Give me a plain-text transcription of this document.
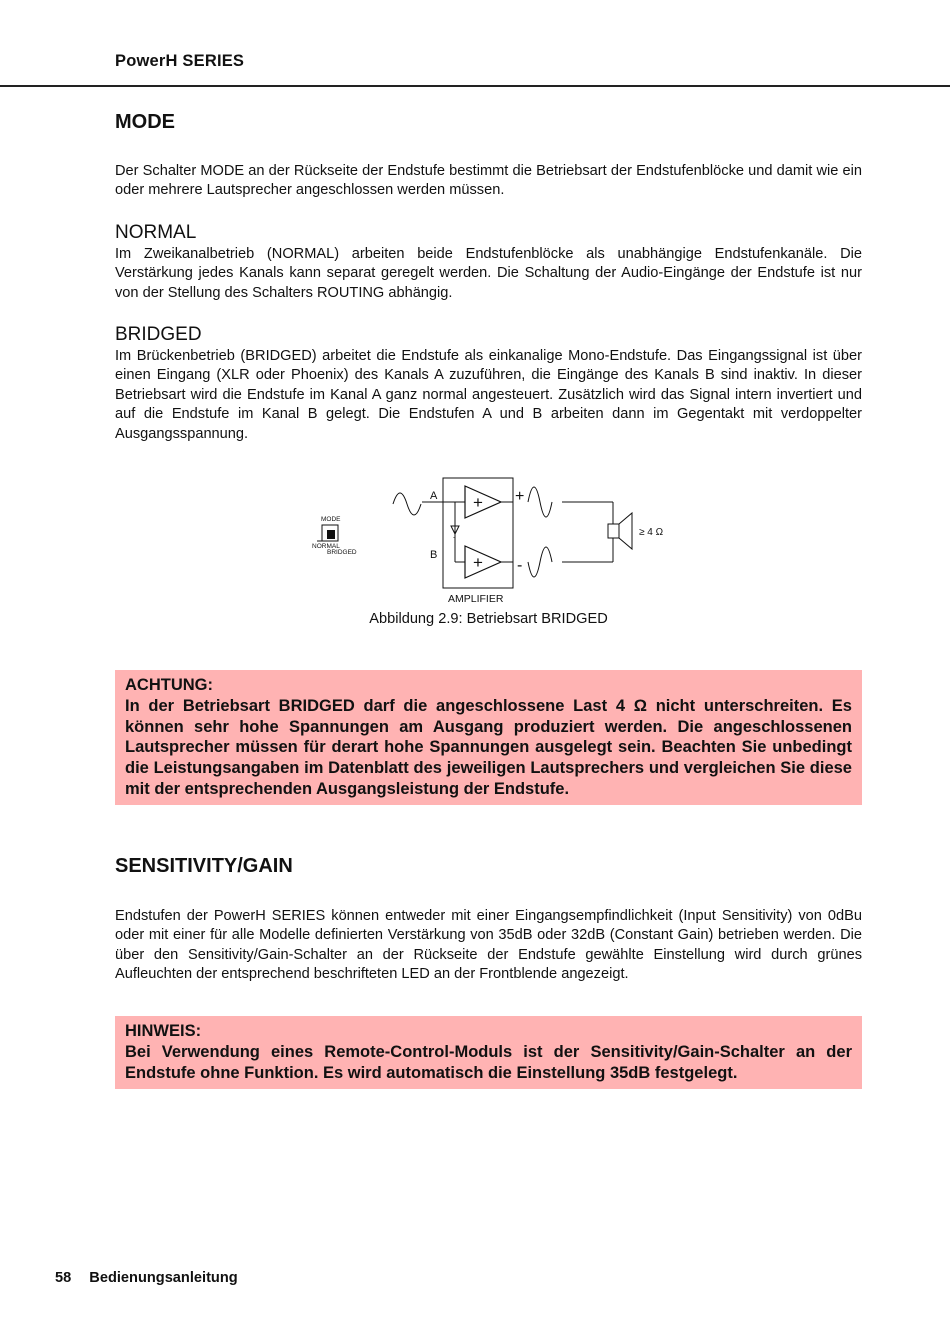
PowerH SERIES
MODE

Der Schalter MODE an der Rückseite der Endstufe bestimmt die Betriebsart der Endstufenblöcke und damit wie ein oder mehrere Lautsprecher angeschlossen werden müssen.

NORMAL

Im Zweikanalbetrieb (NORMAL) arbeiten beide Endstufenblöcke als unabhängige Endstufenkanäle. Die Verstärkung jedes Kanals kann separat geregelt werden. Die Schaltung der Audio-Eingänge der Endstufe ist nur von der Stellung des Schalters ROUTING abhängig.

BRIDGED

Im Brückenbetrieb (BRIDGED) arbeitet die Endstufe als einkanalige Mono-Endstufe. Das Eingangssignal ist über einen Eingang (XLR oder Phoenix) des Kanals A zuzuführen, die Eingänge des Kanals B sind inaktiv. In dieser Betriebsart wird die Endstufe im Kanal A ganz normal angesteuert. Zusätzlich wird das Signal intern invertiert und auf die Endstufe im Kanal B gelegt. Die Endstufen A und B arbeiten dann im Gegentakt mit verdoppelter Ausgangsspannung.

MODE
NORMAL
BRIDGED
A
B
-
+
+
+
-
≥ 4 Ω
AMPLIFIER
Abbildung 2.9: Betriebsart BRIDGED
ACHTUNG:
In der Betriebsart BRIDGED darf die angeschlossene Last 4 Ω nicht unterschreiten. Es können sehr hohe Spannungen am Ausgang produziert werden. Die angeschlossenen Lautsprecher müssen für derart hohe Spannungen ausgelegt sein. Beachten Sie unbedingt die Leistungsangaben im Datenblatt des jeweiligen Lautsprechers und vergleichen Sie diese mit der entsprechenden Ausgangsleistung der Endstufe.
SENSITIVITY/GAIN

Endstufen der PowerH SERIES können entweder mit einer Eingangsempfindlichkeit (Input Sensitivity) von 0dBu oder mit einer für alle Modelle definierten Verstärkung von 35dB oder 32dB (Constant Gain) betrieben werden. Die über den Sensitivity/Gain-Schalter an der Rückseite der Endstufe gewählte Einstellung wird durch grünes Aufleuchten der entsprechend beschrifteten LED an der Frontblende angezeigt.

HINWEIS:
Bei Verwendung eines Remote-Control-Moduls ist der Sensitivity/Gain-Schalter an der Endstufe ohne Funktion. Es wird automatisch die Einstellung 35dB festgelegt.
58 Bedienungsanleitung
